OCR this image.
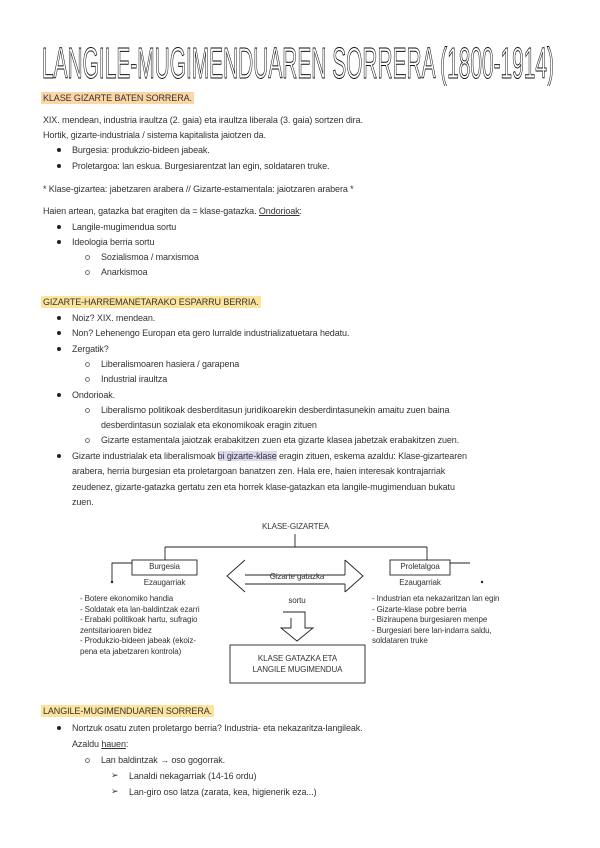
LANGILE-MUGIMENDUAREN SORRERA (1800-1914)
KLASE GIZARTE BATEN SORRERA.
XIX. mendean, industria iraultza (2. gaia) eta iraultza liberala (3. gaia) sortzen dira.
Hortik, gizarte-industriala / sistema kapitalista jaiotzen da.
Burgesia: produkzio-bideen jabeak.
Proletargoa: lan eskua. Burgesiarentzat lan egin, soldataren truke.
* Klase-gizartea: jabetzaren arabera // Gizarte-estamentala: jaiotzaren arabera *
Haien artean, gatazka bat eragiten da = klase-gatazka. Ondorioak:
Langile-mugimendua sortu
Ideologia berria sortu
Sozialismoa / marxismoa
Anarkismoa
GIZARTE-HARREMANETARAKO ESPARRU BERRIA.
Noiz? XIX. mendean.
Non? Lehenengo Europan eta gero lurralde industrializatuetara hedatu.
Zergatik?
Liberalismoaren hasiera / garapena
Industrial iraultza
Ondorioak.
Liberalismo politikoak desberditasun juridikoarekin desberdintasunekin amaitu zuen baina
desberdintasun sozialak eta ekonomikoak eragin zituen
Gizarte estamentala jaiotzak erabakitzen zuen eta gizarte klasea jabetzak erabakitzen zuen.
Gizarte industrialak eta liberalismoak bi gizarte-klase eragin zituen, eskema azaldu: Klase-gizartearen
arabera, herria burgesian eta proletargoan banatzen zen. Hala ere, haien interesak kontrajarriak
zeudenez, gizarte-gatazka gertatu zen eta horrek klase-gatazkan eta langile-mugimenduan bukatu
zuen.
KLASE-GIZARTEA
Burgesia
Ezaugarriak
Gizarte gatazka
Proletalgoa
Ezaugarriak
sortu
- Botere ekonomiko handia
- Soldatak eta lan-baldintzak ezarri
- Erabaki politikoak hartu, sufragio
zentsitarioaren bidez
- Produkzio-bideen jabeak (ekoiz-
pena eta jabetzaren kontrola)
- Industrian eta nekazaritzan lan egin
- Gizarte-klase pobre berria
- Biziraupena burgesiaren menpe
- Burgesiari bere lan-indarra saldu,
soldataren truke
KLASE GATAZKA ETA
LANGILE MUGIMENDUA
LANGILE-MUGIMENDUAREN SORRERA.
Nortzuk osatu zuten proletargo berria? Industria- eta nekazaritza-langileak.
Azaldu hauen:
Lan baldintzak → oso gogorrak.
➢ Lanaldi nekagarriak (14-16 ordu)
➢ Lan-giro oso latza (zarata, kea, higienerik eza...)
